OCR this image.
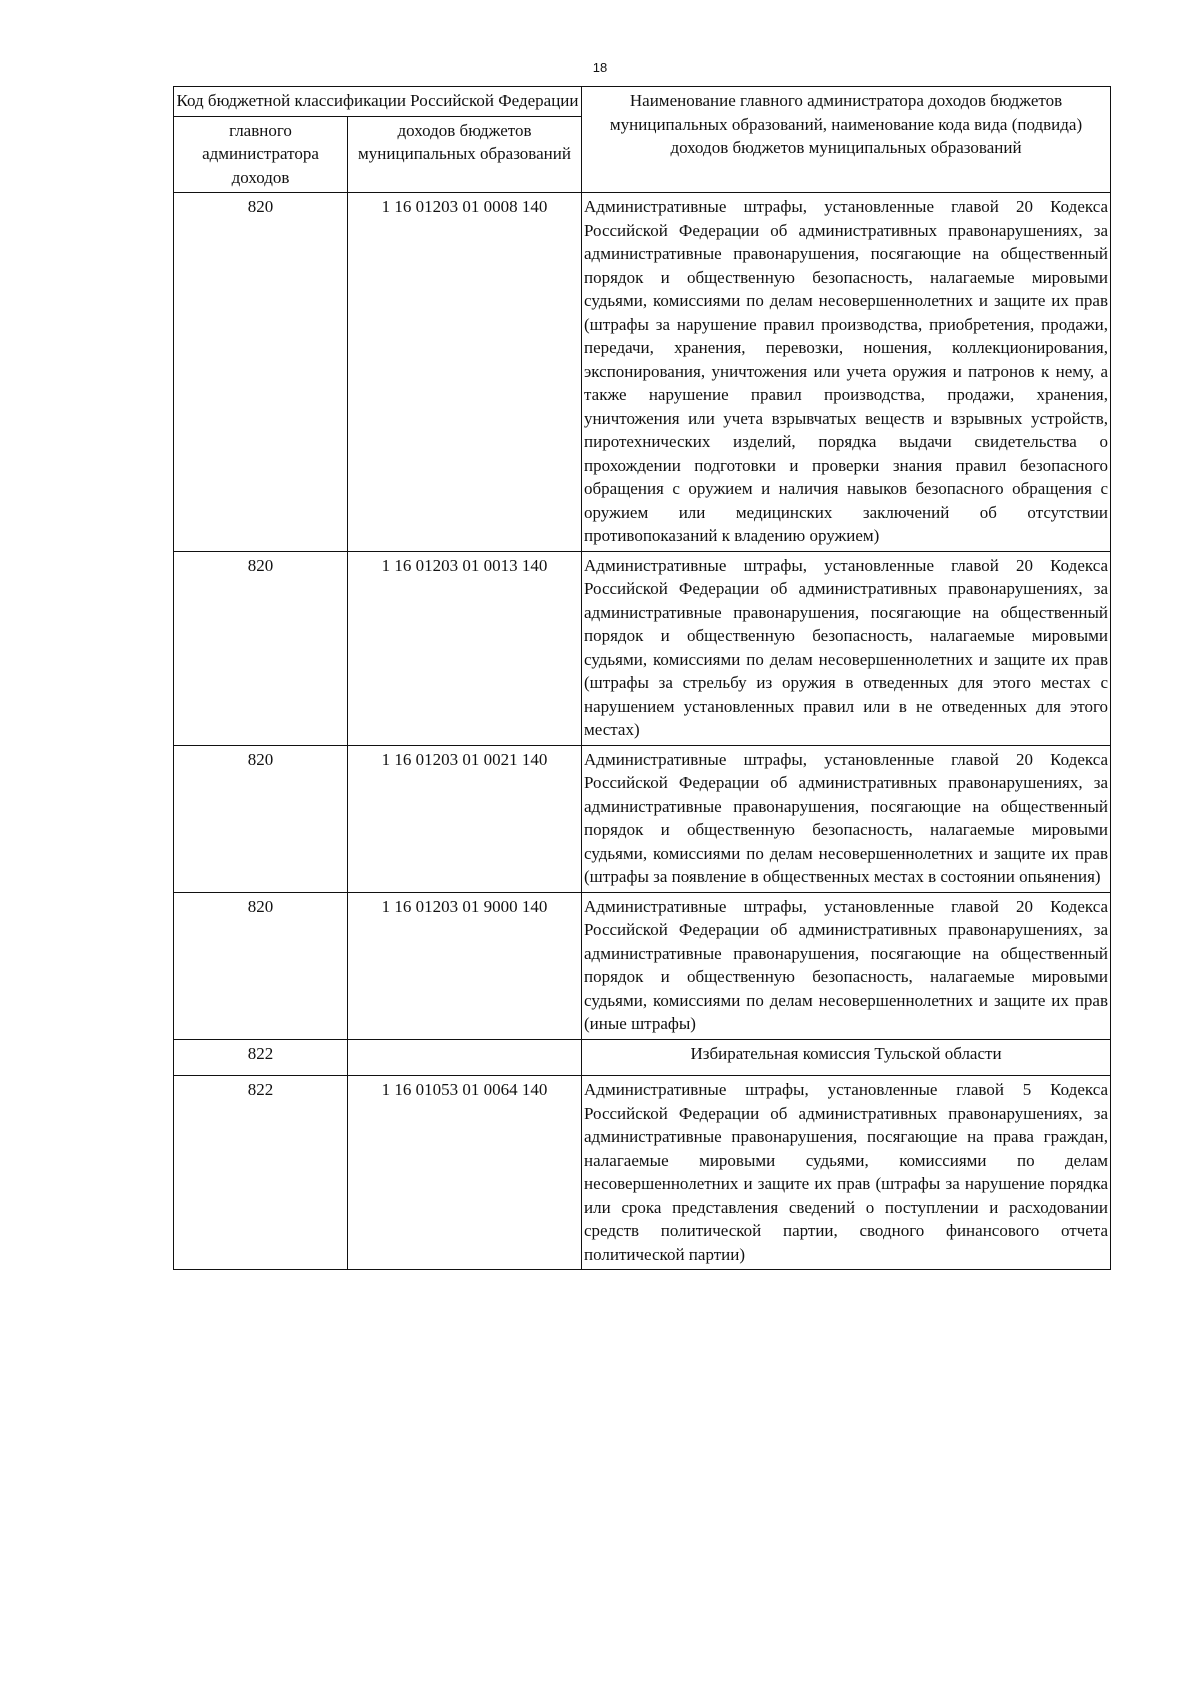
18
Код бюджетной классификации Российской Федерации		Наименование главного администратора доходов бюджетов муниципальных образований, наименование кода вида (подвида) доходов бюджетов муниципальных образований
главного администратора доходов	доходов бюджетов муниципальных образований	
820	1 16 01203 01 0008 140	Административные штрафы, установленные главой 20 Кодекса Российской Федерации об административных правонарушениях, за административные правонарушения, посягающие на общественный порядок и общественную безопасность, налагаемые мировыми судьями, комиссиями по делам несовершеннолетних и защите их прав (штрафы за нарушение правил производства, приобретения, продажи, передачи, хранения, перевозки, ношения, коллекционирования, экспонирования, уничтожения или учета оружия и патронов к нему, а также нарушение правил производства, продажи, хранения, уничтожения или учета взрывчатых веществ и взрывных устройств, пиротехнических изделий, порядка выдачи свидетельства о прохождении подготовки и проверки знания правил безопасного обращения с оружием и наличия навыков безопасного обращения с оружием или медицинских заключений об отсутствии противопоказаний к владению оружием)
820	1 16 01203 01 0013 140	Административные штрафы, установленные главой 20 Кодекса Российской Федерации об административных правонарушениях, за административные правонарушения, посягающие на общественный порядок и общественную безопасность, налагаемые мировыми судьями, комиссиями по делам несовершеннолетних и защите их прав (штрафы за стрельбу из оружия в отведенных для этого местах с нарушением установленных правил или в не отведенных для этого местах)
820	1 16 01203 01 0021 140	Административные штрафы, установленные главой 20 Кодекса Российской Федерации об административных правонарушениях, за административные правонарушения, посягающие на общественный порядок и общественную безопасность, налагаемые мировыми судьями, комиссиями по делам несовершеннолетних и защите их прав (штрафы за появление в общественных местах в состоянии опьянения)
820	1 16 01203 01 9000 140	Административные штрафы, установленные главой 20 Кодекса Российской Федерации об административных правонарушениях, за административные правонарушения, посягающие на общественный порядок и общественную безопасность, налагаемые мировыми судьями, комиссиями по делам несовершеннолетних и защите их прав (иные штрафы)
822		Избирательная комиссия Тульской области
822	1 16 01053 01 0064 140	Административные штрафы, установленные главой 5 Кодекса Российской Федерации об административных правонарушениях, за административные правонарушения, посягающие на права граждан, налагаемые мировыми судьями, комиссиями по делам несовершеннолетних и защите их прав (штрафы за нарушение порядка или срока представления сведений о поступлении и расходовании средств политической партии, сводного финансового отчета политической партии)
